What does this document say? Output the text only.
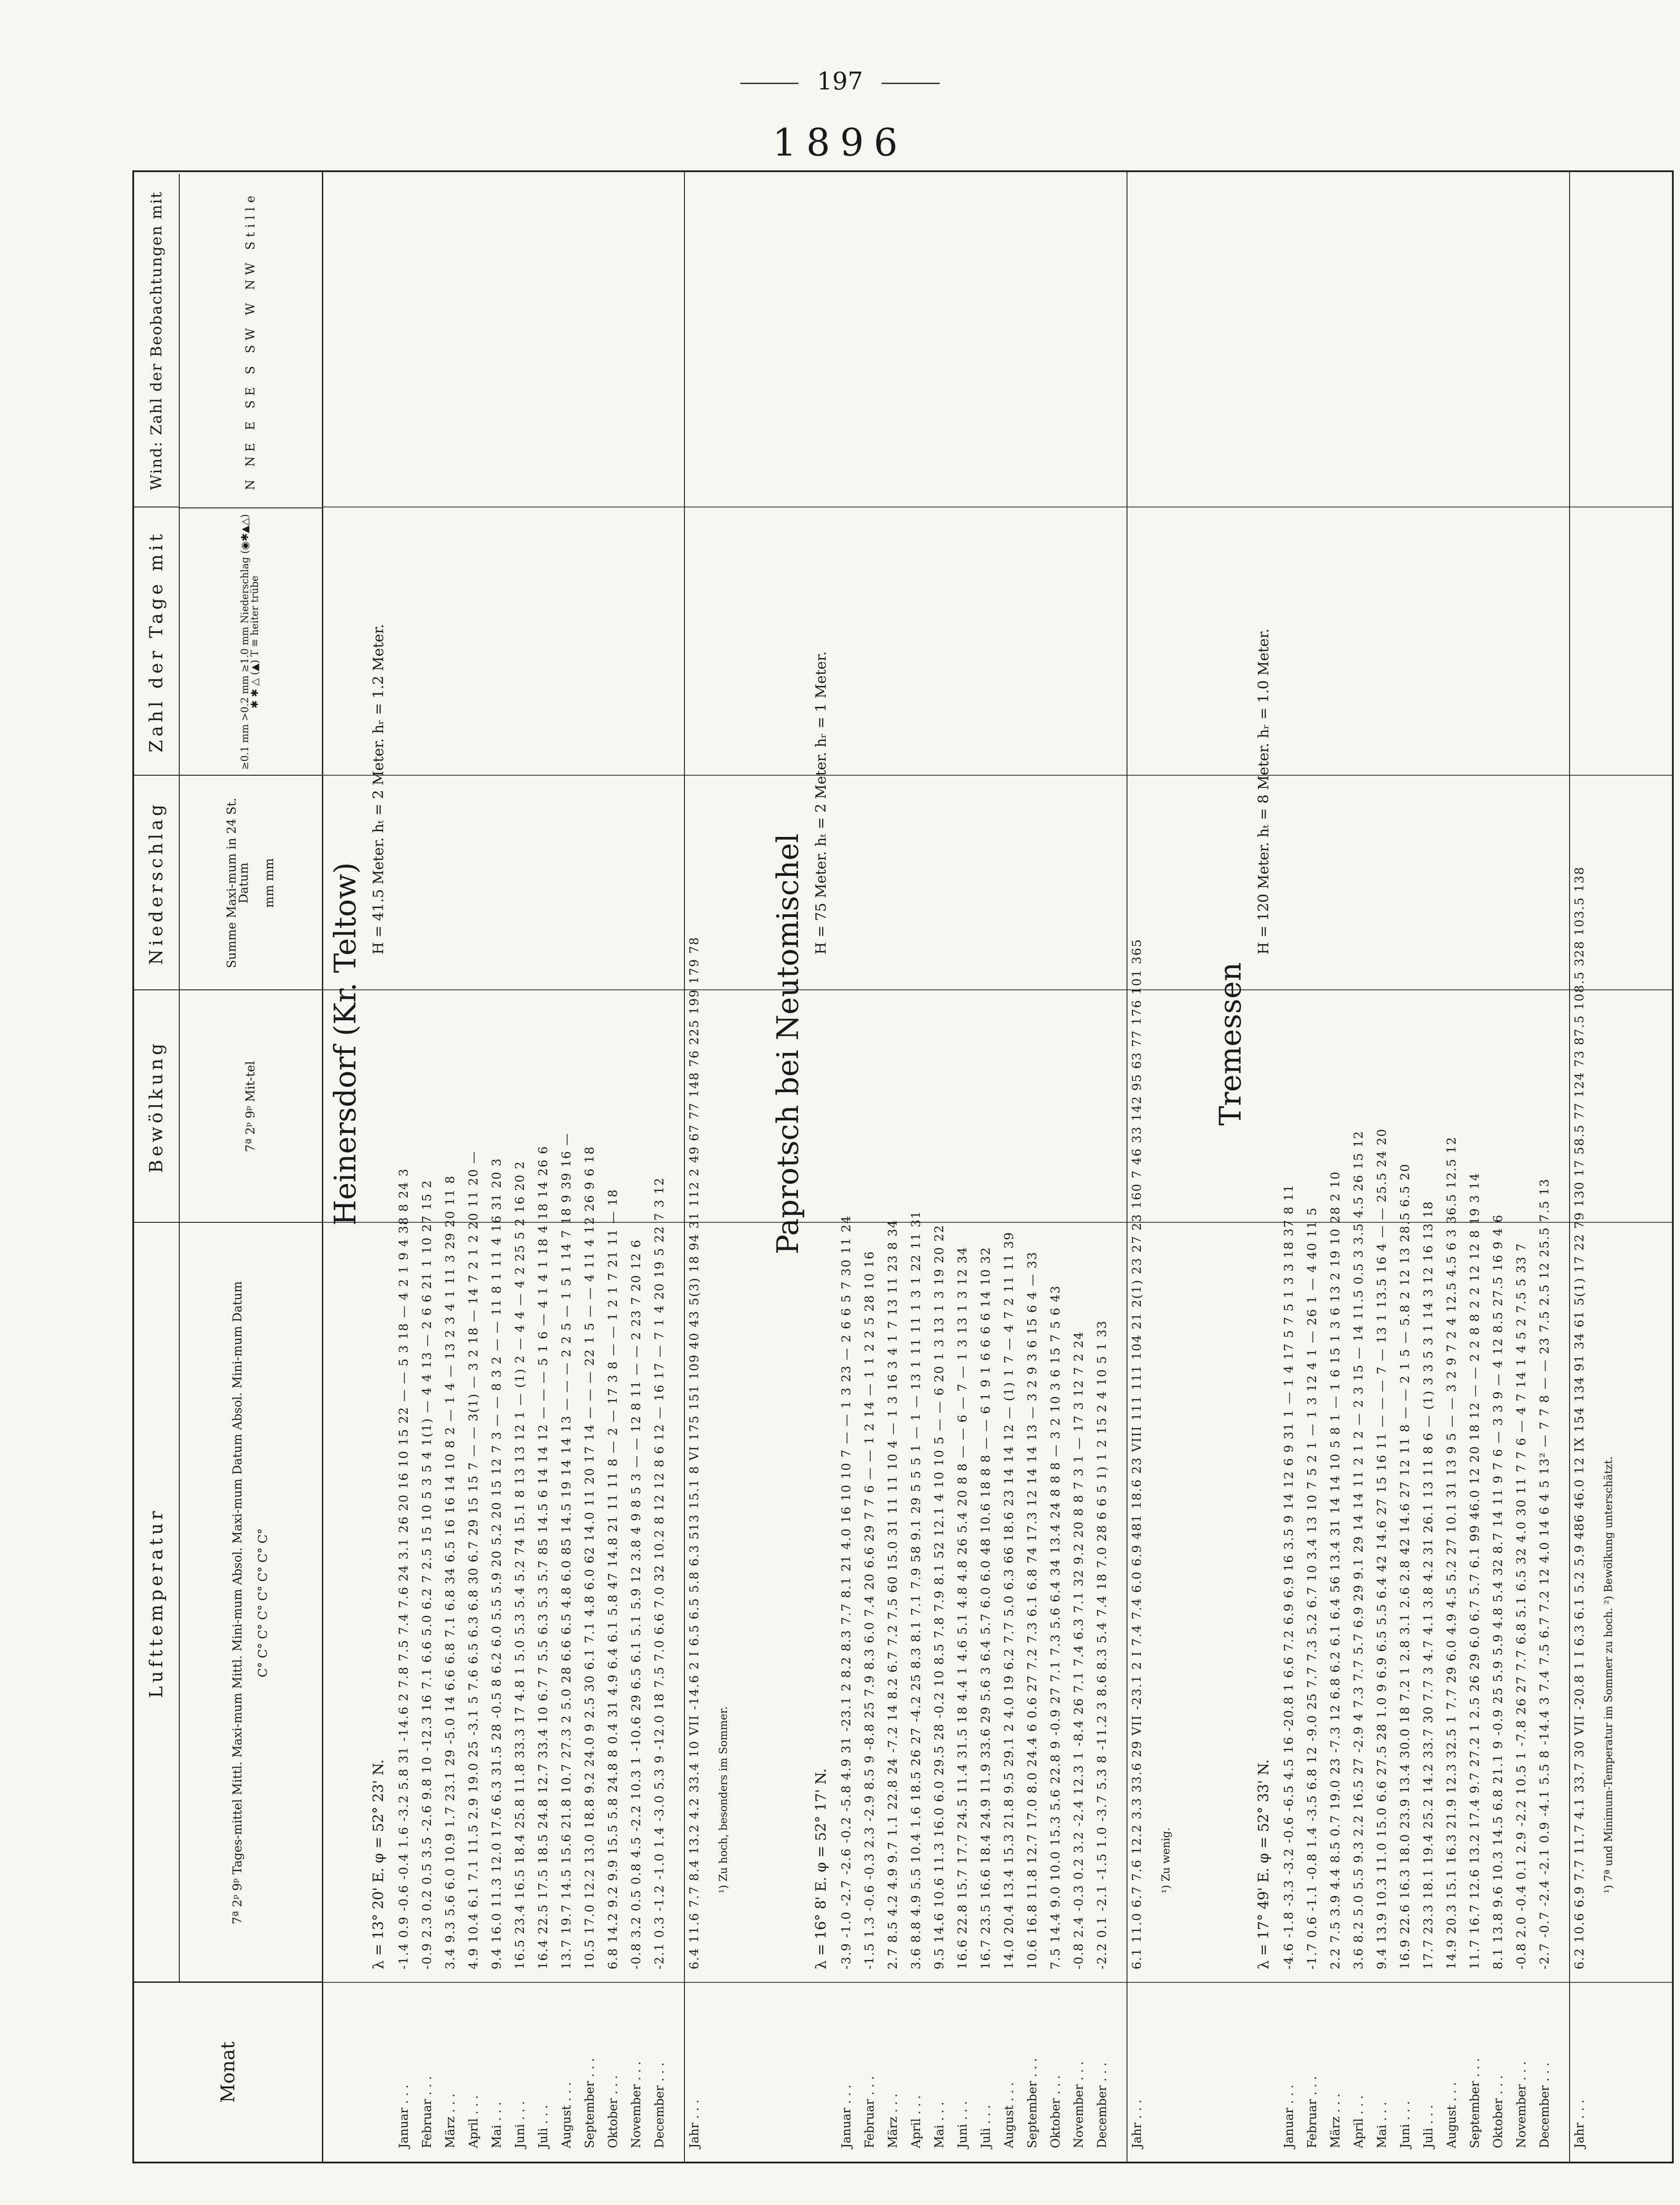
197
1896
Monat
Lufttemperatur
Bewölkung
Niederschlag
Zahl der Tage mit
Wind: Zahl der Beobachtungen mit
7ª 2ᵖ 9ᵖ Tages-mittel Mittl. Maxi-mum Mittl. Mini-mum Absol. Maxi-mum Datum Absol. Mini-mum Datum C° C° C° C° C° C° C° C°
7ª 2ᵖ 9ᵖ Mit-tel
Summe Maxi-mum in 24 St. Datum mm mm
≥0.1 mm >0.2 mm ≥1.0 mm Niederschlag (◉✱▲△) ✱ ✱ △ (▲) T ≡ heiter trübe
N NE E SE S SW W NW Stille
Heinersdorf (Kr. Teltow)
λ = 13° 20' E. φ = 52° 23' N.
H = 41.5 Meter. hₜ = 2 Meter. hᵣ = 1.2 Meter.
Januar . . .
-1.4 0.9 -0.6 -0.4 1.6 -3.2 5.8 31 -14.6 2 7.8 7.5 7.4 7.6 24 3.1 26 20 16 10 15 22 — — 5 3 18 — 4 2 1 9 4 38 8 24 3
Februar . . .
-0.9 2.3 0.2 0.5 3.5 -2.6 9.8 10 -12.3 16 7.1 6.6 5.0 6.2 7 2.5 15 10 5 3 5 4 1(1) — 4 4 13 — 2 6 6 21 1 10 27 15 2
März . . .
3.4 9.3 5.6 6.0 10.9 1.7 23.1 29 -5.0 14 6.6 6.8 7.1 6.8 34 6.5 16 16 14 10 8 2 — 1 4 — 13 2 3 4 1 11 3 29 20 11 8
April . . .
4.9 10.4 6.1 7.1 11.5 2.9 19.0 25 -3.1 5 7.6 6.5 6.3 6.8 30 6.7 29 15 15 7 — — 3(1) — 3 2 18 — 14 7 2 1 2 20 11 20 —
Mai . . .
9.4 16.0 11.3 12.0 17.6 6.3 31.5 28 -0.5 8 6.2 6.0 5.5 5.9 20 5.2 20 15 12 7 3 — — 8 3 2 — — 11 8 1 11 4 16 31 20 3
Juni . . .
16.5 23.4 16.5 18.4 25.8 11.8 33.3 17 4.8 1 5.0 5.3 5.4 5.2 74 15.1 8 13 13 12 1 — (1) 2 — 4 4 — 4 2 25 5 2 16 20 2
Juli . . .
16.4 22.5 17.5 18.5 24.8 12.7 33.4 10 6.7 7 5.5 6.3 5.3 5.7 85 14.5 6 14 14 12 — — — 5 1 6 — 4 1 4 1 18 4 18 14 26 6
August . . .
13.7 19.7 14.5 15.6 21.8 10.7 27.3 2 5.0 28 6.6 6.5 4.8 6.0 85 14.5 19 14 14 13 — — — 2 2 5 — 1 5 1 14 7 18 9 39 16 —
September . . .
10.5 17.0 12.2 13.0 18.8 9.2 24.0 9 2.5 30 6.1 7.1 4.8 6.0 62 14.0 11 20 17 14 — — — 22 1 5 — — 4 11 4 12 26 9 6 18
Oktober . . .
6.8 14.2 9.2 9.9 15.5 5.8 24.8 8 0.4 31 4.9 6.4 6.1 5.8 47 14.8 21 11 11 8 — 2 — 17 3 8 — — 1 2 1 7 21 11 — 18
November . . .
-0.8 3.2 0.5 0.8 4.5 -2.2 10.3 1 -10.6 29 6.5 6.1 5.1 5.9 12 3.8 4 9 8 5 3 — — 12 8 11 — — 2 23 7 20 12 6
December . . .
-2.1 0.3 -1.2 -1.0 1.4 -3.0 5.3 9 -12.0 18 7.5 7.0 6.6 7.0 32 10.2 8 12 12 8 6 12 — 16 17 — 7 1 4 20 19 5 22 7 3 12
Jahr . . .
6.4 11.6 7.7 8.4 13.2 4.2 33.4 10 VII -14.6 2 I 6.5 6.5 5.8 6.3 513 15.1 8 VI 175 151 109 40 43 5(3) 18 94 31 112 2 49 67 77 148 76 225 199 179 78 ¹) Zu hoch, besonders im Sommer.
Paprotsch bei Neutomischel
λ = 16° 8' E. φ = 52° 17' N.
H = 75 Meter. hₜ = 2 Meter. hᵣ = 1 Meter.
Januar . . .
-3.9 -1.0 -2.7 -2.6 -0.2 -5.8 4.9 31 -23.1 2 8.2 8.3 7.7 8.1 21 4.0 16 10 10 7 — — 1 3 23 — 2 6 6 5 7 30 11 24
Februar . . .
-1.5 1.3 -0.6 -0.3 2.3 -2.9 8.5 9 -8.8 25 7.9 8.3 6.0 7.4 20 6.6 29 7 7 6 — — 1 2 14 — 1 1 2 2 5 28 10 16
März . . .
2.7 8.5 4.2 4.9 9.7 1.1 22.8 24 -7.2 14 8.2 6.7 7.2 7.5 60 15.0 31 11 11 10 4 — 1 3 16 3 4 1 7 13 11 23 8 34
April . . .
3.6 8.8 4.9 5.5 10.4 1.6 18.5 26 27 -4.2 25 8.3 8.1 7.1 7.9 58 9.1 29 5 5 5 1 — 1 — 13 1 11 11 1 3 1 22 11 31
Mai . . .
9.5 14.6 10.6 11.3 16.0 6.0 29.5 28 -0.2 10 8.5 7.8 7.9 8.1 52 12.1 4 10 10 5 — — 6 20 1 3 13 1 3 19 20 22
Juni . . .
16.6 22.8 15.7 17.7 24.5 11.4 31.5 18 4.4 1 4.6 5.1 4.8 4.8 26 5.4 20 8 8 — — 6 — 7 — 1 3 13 1 3 12 34
Juli . . .
16.7 23.5 16.6 18.4 24.9 11.9 33.6 29 5.6 3 6.4 5.7 6.0 6.0 48 10.6 18 8 8 — — 6 1 9 1 6 6 6 6 14 10 32
August . . .
14.0 20.4 13.4 15.3 21.8 9.5 29.1 2 4.0 19 6.2 7.7 5.0 6.3 66 18.6 23 14 14 12 — (1) 1 7 — 4 7 2 11 11 39
September . . .
10.6 16.8 11.8 12.7 17.0 8.0 24.4 6 0.6 27 7.2 7.3 6.1 6.8 74 17.3 12 14 14 13 — 3 2 9 3 6 15 6 4 — 33
Oktober . . .
7.5 14.4 9.0 10.0 15.3 5.6 22.8 9 -0.9 27 7.1 7.3 5.6 6.4 34 13.4 24 8 8 8 — 3 2 10 3 6 15 7 5 6 43
November . . .
-0.8 2.4 -0.3 0.2 3.2 -2.4 12.3 1 -8.4 26 7.1 7.4 6.3 7.1 32 9.2 20 8 8 7 3 1 — 17 3 12 7 2 24
December . . .
-2.2 0.1 -2.1 -1.5 1.0 -3.7 5.3 8 -11.2 3 8.6 8.3 5.4 7.4 18 7.0 28 6 6 5 1) 1 2 15 2 4 10 5 1 33
Jahr . . .
6.1 11.0 6.7 7.6 12.2 3.3 33.6 29 VII -23.1 2 I 7.4 7.4 6.0 6.9 481 18.6 23 VIII 111 111 104 21 2(1) 23 27 23 160 7 46 33 142 95 63 77 176 101 365 ¹) Zu wenig.
Tremessen
λ = 17° 49' E. φ = 52° 33' N.
H = 120 Meter. hₜ = 8 Meter. hᵣ = 1.0 Meter.
Januar . . .
-4.6 -1.8 -3.3 -3.2 -0.6 -6.5 4.5 16 -20.8 1 6.6 7.2 6.9 6.9 16 3.5 9 14 12 6 9 31 1 — 1 4 17 5 7 5 1 3 3 18 37 8 11
Februar . . .
-1.7 0.6 -1.1 -0.8 1.4 -3.5 6.8 12 -9.0 25 7.7 7.3 5.2 6.7 10 3.4 13 10 7 5 2 1 — 1 3 12 4 1 — 26 1 — 4 40 11 5
März . . .
2.2 7.5 3.9 4.4 8.5 0.7 19.0 23 -7.3 12 6.8 6.2 6.1 6.4 56 13.4 31 14 14 10 5 8 1 — 1 6 15 1 3 6 13 2 19 10 28 2 10
April . . .
3.6 8.2 5.0 5.5 9.3 2.2 16.5 27 -2.9 4 7.3 7.7 5.7 6.9 29 9.1 29 14 14 11 2 1 2 — 2 3 15 — 14 11.5 0.5 3 3.5 4.5 26 15 12
Mai . . .
9.4 13.9 10.3 11.0 15.0 6.6 27.5 28 1.0 9 6.9 6.5 5.5 6.4 42 14.6 27 15 16 11 — — — 7 — 13 1 13.5 16 4 — — 25.5 24 20
Juni . . .
16.9 22.6 16.3 18.0 23.9 13.4 30.0 18 7.2 1 2.8 3.1 2.6 2.8 42 14.6 27 12 11 8 — — 2 1 5 — 5.8 2 12 13 28.5 6.5 20
Juli . . .
17.7 23.3 18.1 19.4 25.2 14.2 33.7 30 7.7 3 4.7 4.1 3.8 4.2 31 26.1 13 11 8 6 — (1) 3 3 5 3 1 14 3 12 16 13 18
August . . .
14.9 20.3 15.1 16.3 21.9 12.3 32.5 1 7.7 29 6.0 4.9 4.5 5.2 27 10.1 31 13 9 5 — — 3 2 9 7 2 4 12.5 4.5 6 3 36.5 12.5 12
September . . .
11.7 16.7 12.6 13.2 17.4 9.7 27.2 1 2.5 26 29 6.0 6.7 5.7 6.1 99 46.0 12 20 18 12 — — 2 2 8 8 2 2 12 12 8 19 3 14
Oktober . . .
8.1 13.8 9.6 10.3 14.5 6.8 21.1 9 -0.9 25 5.9 5.9 4.8 5.4 32 8.7 14 11 9 7 6 — 3 3 9 — 4 12 8.5 27.5 16 9 4 6
November . . .
-0.8 2.0 -0.4 0.1 2.9 -2.2 10.5 1 -7.8 26 27 7.7 6.8 5.1 6.5 32 4.0 30 11 7 7 6 — 4 7 14 1 4 5 2 7.5 5 33 7
December . . .
-2.7 -0.7 -2.4 -2.1 0.9 -4.1 5.5 8 -14.4 3 7.4 7.5 6.7 7.2 12 4.0 14 6 4 5 13² — 7 7 8 — — 23 7.5 2.5 12 25.5 7.5 13
Jahr . . .
6.2 10.6 6.9 7.7 11.7 4.1 33.7 30 VII -20.8 1 I 6.3 6.1 5.2 5.9 486 46.0 12 IX 154 134 91 34 61 5(1) 17 22 79 130 17 58.5 77 124 73 87.5 108.5 328 103.5 138 ¹) 7ª und Minimum-Temperatur im Sommer zu hoch. ²) Bewölkung unterschätzt.
